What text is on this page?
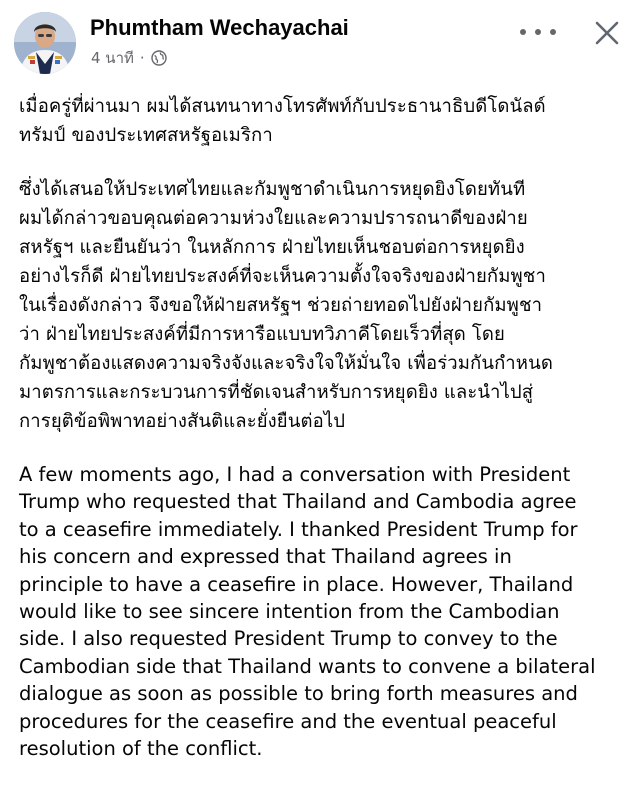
Phumtham Wechayachai
4 นาที ·

เมื่อครู่ที่ผ่านมา ผมได้สนทนาทางโทรศัพท์กับประธานาธิบดีโดนัลด์
ทรัมป์ ของประเทศสหรัฐอเมริกา

ซึ่งได้เสนอให้ประเทศไทยและกัมพูชาดำเนินการหยุดยิงโดยทันที
ผมได้กล่าวขอบคุณต่อความห่วงใยและความปรารถนาดีของฝ่าย
สหรัฐฯ และยืนยันว่า ในหลักการ ฝ่ายไทยเห็นชอบต่อการหยุดยิง
อย่างไรก็ดี ฝ่ายไทยประสงค์ที่จะเห็นความตั้งใจจริงของฝ่ายกัมพูชา
ในเรื่องดังกล่าว จึงขอให้ฝ่ายสหรัฐฯ ช่วยถ่ายทอดไปยังฝ่ายกัมพูชา
ว่า ฝ่ายไทยประสงค์ที่มีการหารือแบบทวิภาคีโดยเร็วที่สุด โดย
กัมพูชาต้องแสดงความจริงจังและจริงใจให้มั่นใจ เพื่อร่วมกันกำหนด
มาตรการและกระบวนการที่ชัดเจนสำหรับการหยุดยิง และนำไปสู่
การยุติข้อพิพาทอย่างสันติและยั่งยืนต่อไป

A few moments ago, I had a conversation with President
Trump who requested that Thailand and Cambodia agree
to a ceasefire immediately. I thanked President Trump for
his concern and expressed that Thailand agrees in
principle to have a ceasefire in place. However, Thailand
would like to see sincere intention from the Cambodian
side. I also requested President Trump to convey to the
Cambodian side that Thailand wants to convene a bilateral
dialogue as soon as possible to bring forth measures and
procedures for the ceasefire and the eventual peaceful
resolution of the conflict.
